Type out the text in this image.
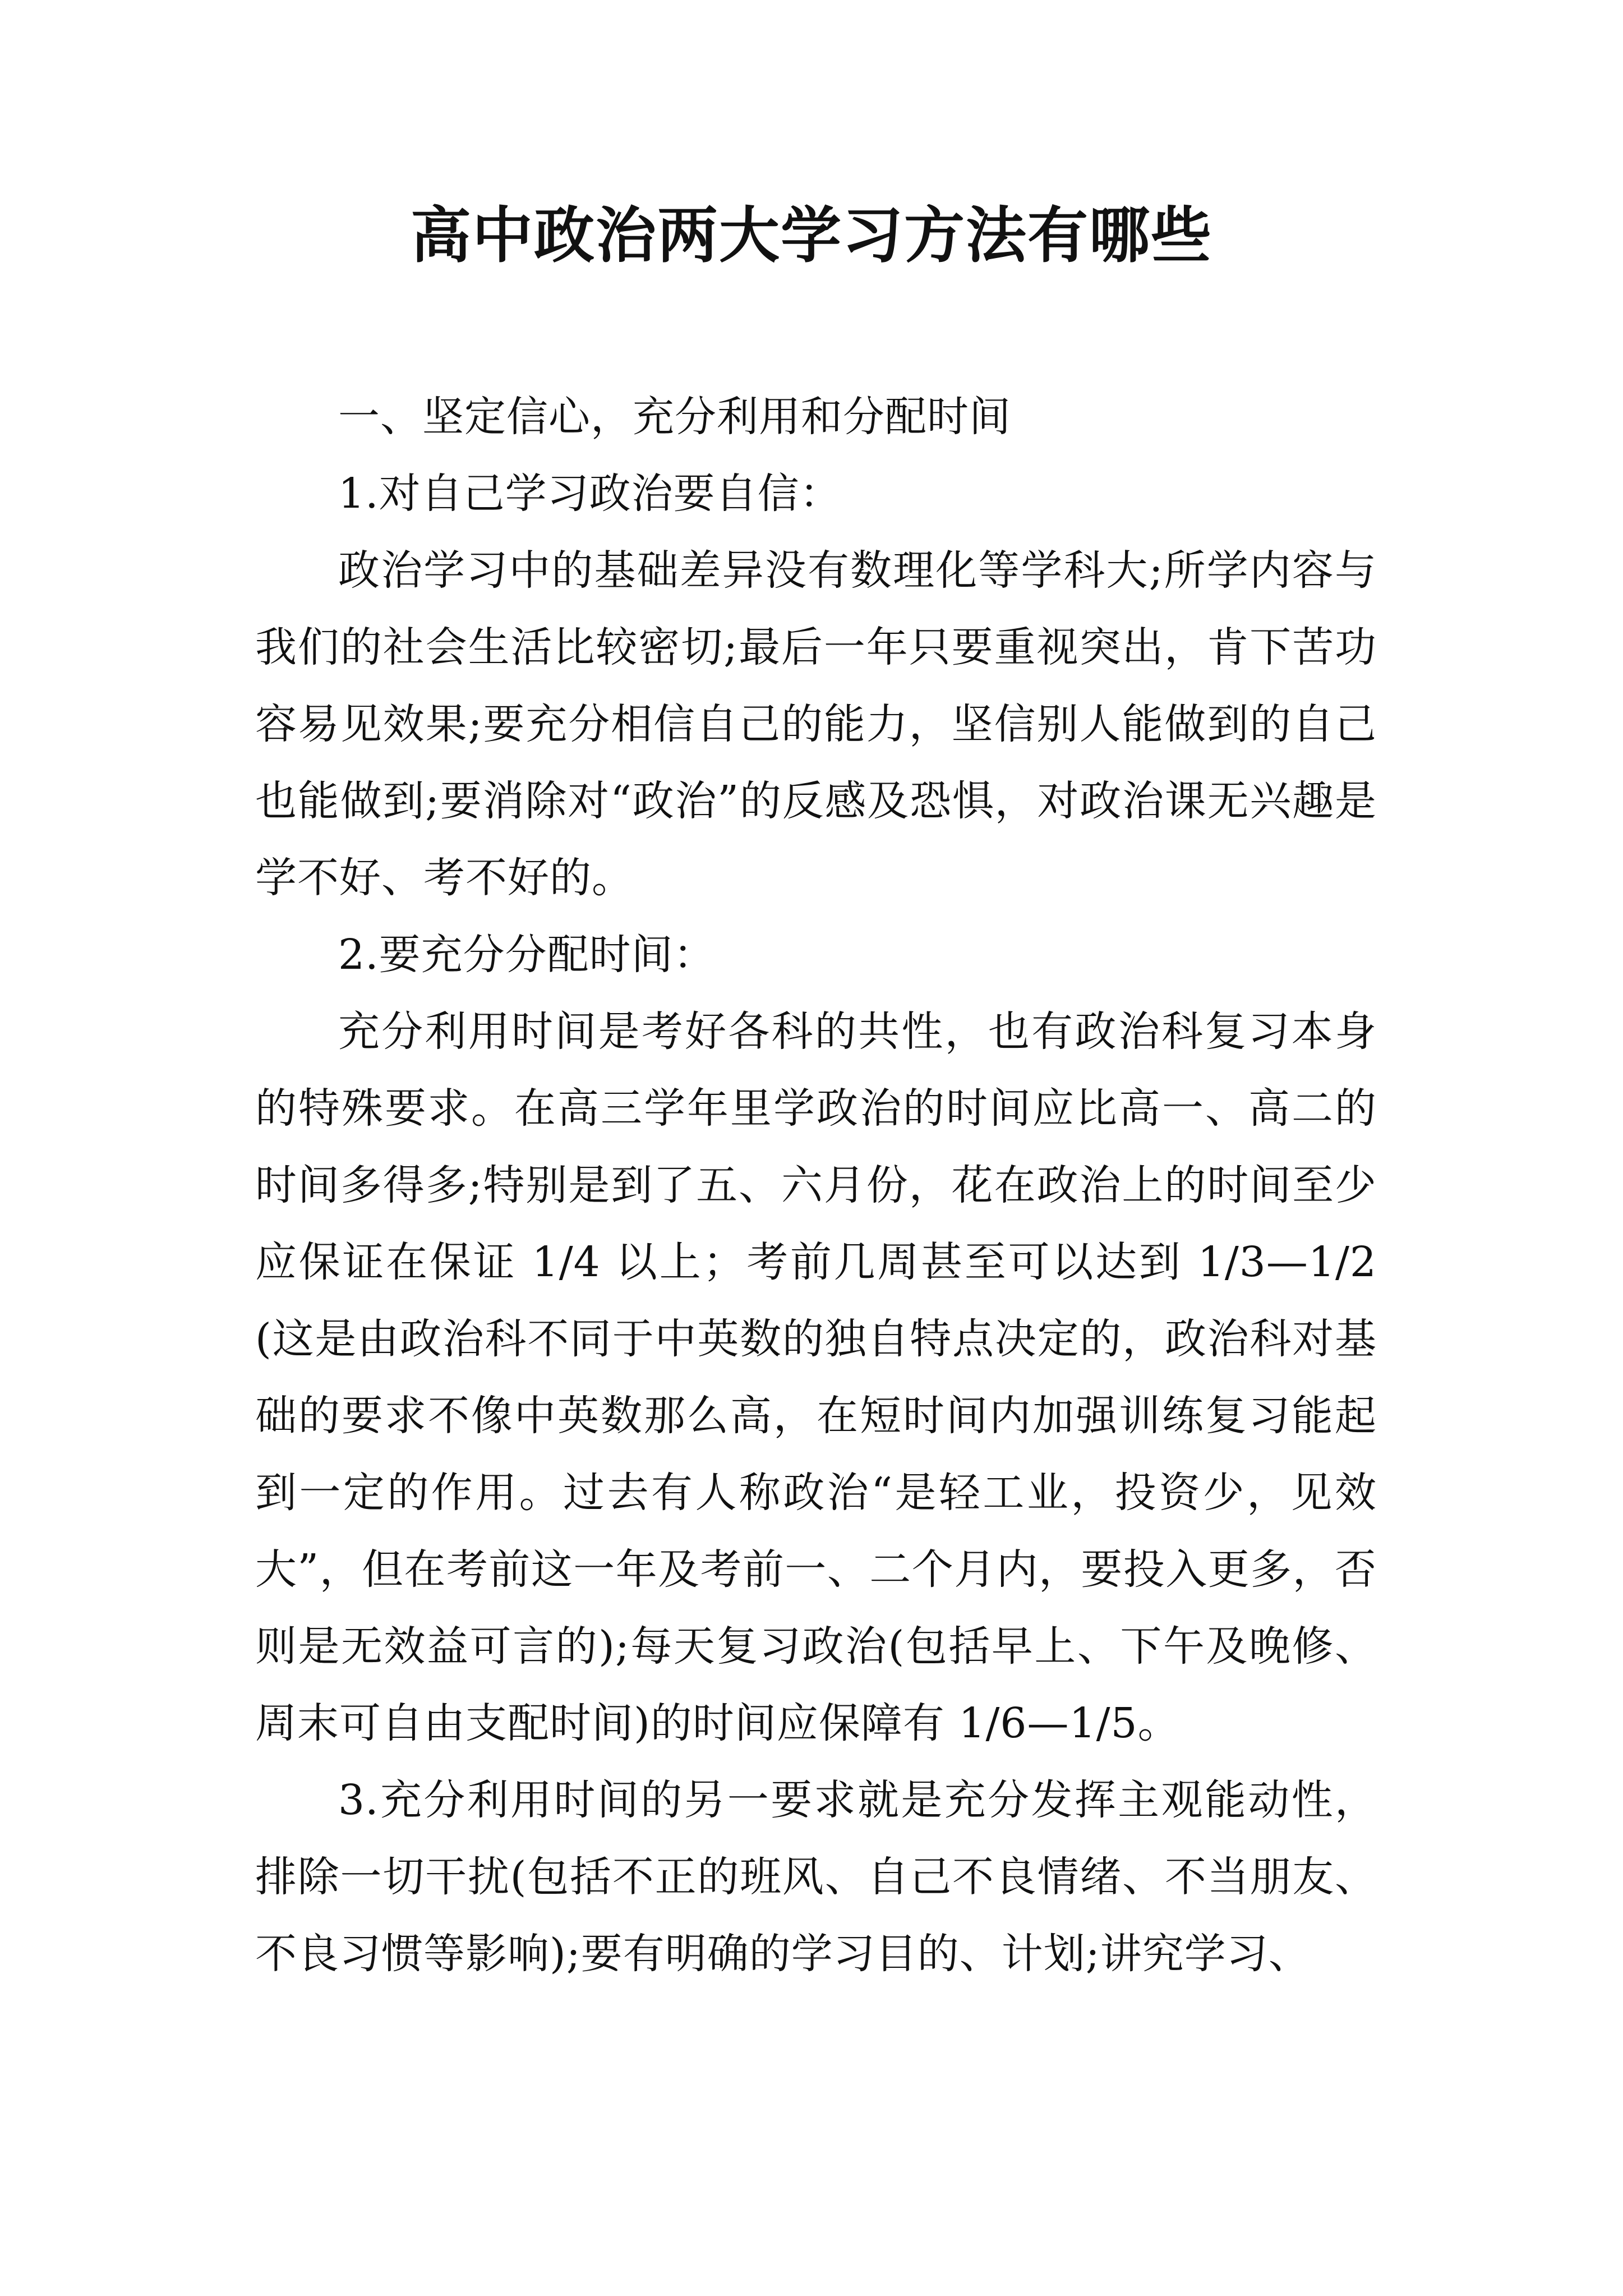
高中政治两大学习方法有哪些

一、坚定信心，充分利用和分配时间

1.对自己学习政治要自信：

政治学习中的基础差异没有数理化等学科大;所学内容与我们的社会生活比较密切;最后一年只要重视突出，肯下苦功容易见效果;要充分相信自己的能力，坚信别人能做到的自己也能做到;要消除对“政治”的反感及恐惧，对政治课无兴趣是学不好、考不好的。

2.要充分分配时间：

充分利用时间是考好各科的共性，也有政治科复习本身的特殊要求。在高三学年里学政治的时间应比高一、高二的时间多得多;特别是到了五、六月份，花在政治上的时间至少应保证在保证 1/4 以上；考前几周甚至可以达到 1/3—1/2(这是由政治科不同于中英数的独自特点决定的，政治科对基础的要求不像中英数那么高，在短时间内加强训练复习能起到一定的作用。过去有人称政治“是轻工业，投资少，见效大”，但在考前这一年及考前一、二个月内，要投入更多，否则是无效益可言的);每天复习政治(包括早上、下午及晚修、周末可自由支配时间)的时间应保障有 1/6—1/5。

3.充分利用时间的另一要求就是充分发挥主观能动性，排除一切干扰(包括不正的班风、自己不良情绪、不当朋友、不良习惯等影响);要有明确的学习目的、计划;讲究学习、
